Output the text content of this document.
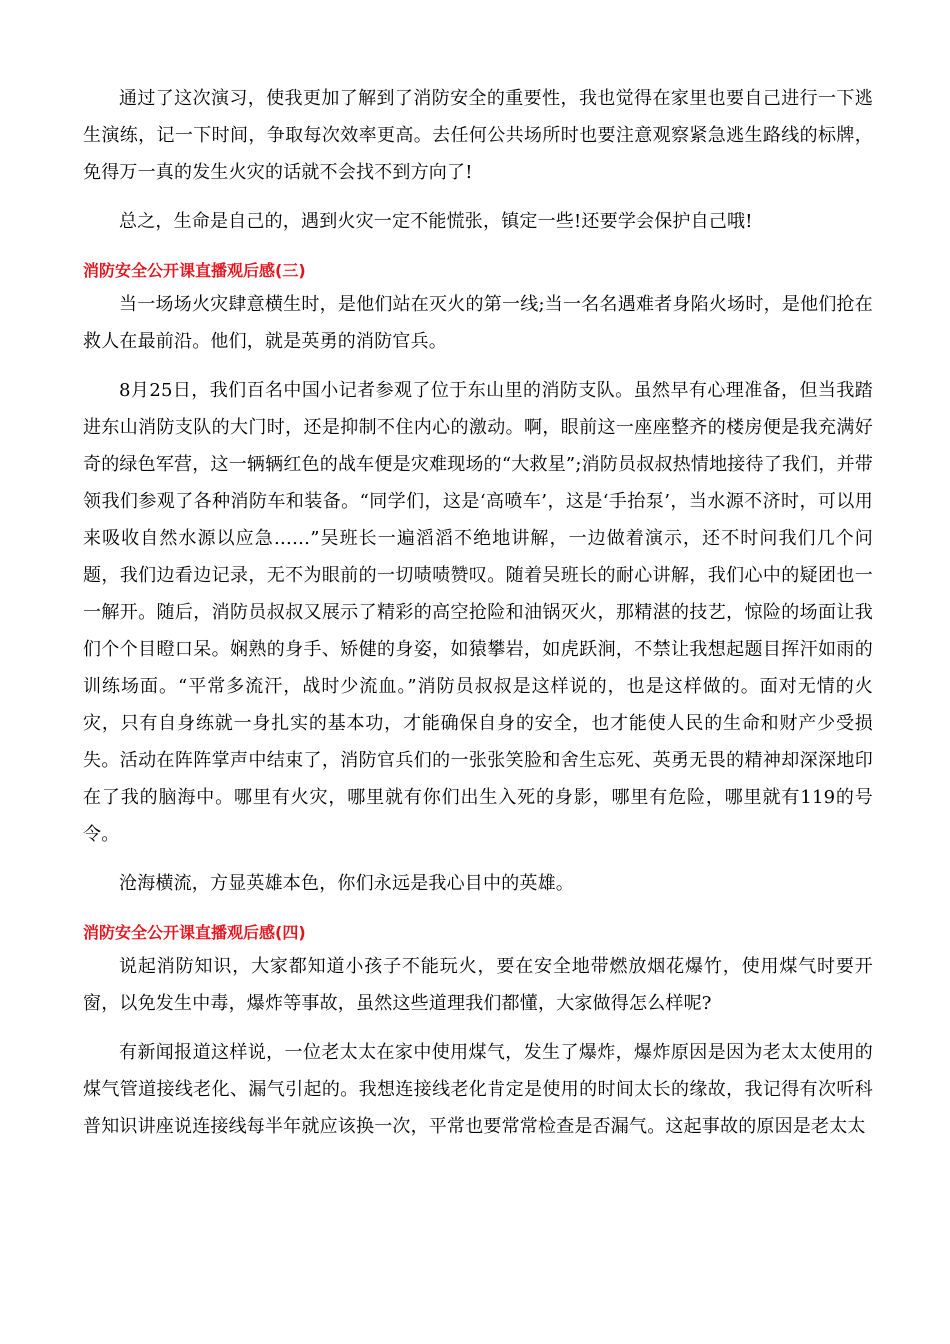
通过了这次演习，使我更加了解到了消防安全的重要性，我也觉得在家里也要自己进行一下逃生演练，记一下时间，争取每次效率更高。去任何公共场所时也要注意观察紧急逃生路线的标牌，免得万一真的发生火灾的话就不会找不到方向了!

总之，生命是自己的，遇到火灾一定不能慌张，镇定一些!还要学会保护自己哦!

消防安全公开课直播观后感(三)

当一场场火灾肆意横生时，是他们站在灭火的第一线;当一名名遇难者身陷火场时，是他们抢在救人在最前沿。他们，就是英勇的消防官兵。

8月25日，我们百名中国小记者参观了位于东山里的消防支队。虽然早有心理准备，但当我踏进东山消防支队的大门时，还是抑制不住内心的激动。啊，眼前这一座座整齐的楼房便是我充满好奇的绿色军营，这一辆辆红色的战车便是灾难现场的“大救星”;消防员叔叔热情地接待了我们，并带领我们参观了各种消防车和装备。“同学们，这是‘高喷车’，这是‘手抬泵’，当水源不济时，可以用来吸收自然水源以应急……”吴班长一遍滔滔不绝地讲解，一边做着演示，还不时问我们几个问题，我们边看边记录，无不为眼前的一切啧啧赞叹。随着吴班长的耐心讲解，我们心中的疑团也一一解开。随后，消防员叔叔又展示了精彩的高空抢险和油锅灭火，那精湛的技艺，惊险的场面让我们个个目瞪口呆。娴熟的身手、矫健的身姿，如猿攀岩，如虎跃涧，不禁让我想起题目挥汗如雨的训练场面。“平常多流汗，战时少流血。”消防员叔叔是这样说的，也是这样做的。面对无情的火灾，只有自身练就一身扎实的基本功，才能确保自身的安全，也才能使人民的生命和财产少受损失。活动在阵阵掌声中结束了，消防官兵们的一张张笑脸和舍生忘死、英勇无畏的精神却深深地印在了我的脑海中。哪里有火灾，哪里就有你们出生入死的身影，哪里有危险，哪里就有119的号令。

沧海横流，方显英雄本色，你们永远是我心目中的英雄。

消防安全公开课直播观后感(四)

说起消防知识，大家都知道小孩子不能玩火，要在安全地带燃放烟花爆竹，使用煤气时要开窗，以免发生中毒，爆炸等事故，虽然这些道理我们都懂，大家做得怎么样呢?

有新闻报道这样说，一位老太太在家中使用煤气，发生了爆炸，爆炸原因是因为老太太使用的煤气管道接线老化、漏气引起的。我想连接线老化肯定是使用的时间太长的缘故，我记得有次听科普知识讲座说连接线每半年就应该换一次，平常也要常常检查是否漏气。这起事故的原因是老太太
